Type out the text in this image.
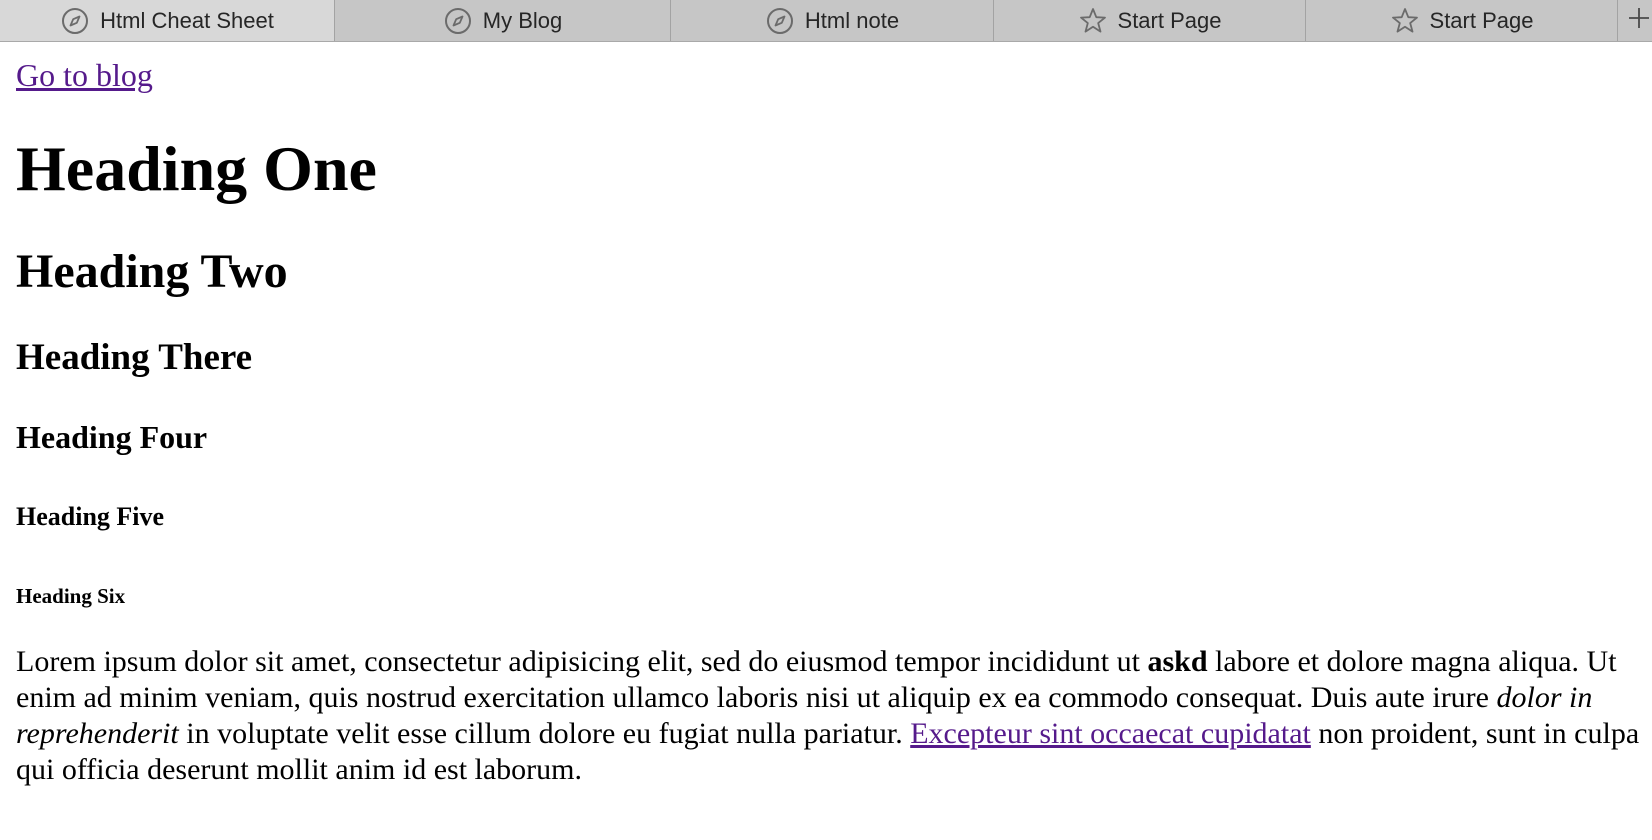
Html Cheat Sheet	My Blog	Html note	Start Page	Start Page
Go to blog
Heading One
Heading Two
Heading There
Heading Four
Heading Five
Heading Six

Lorem ipsum dolor sit amet, consectetur adipisicing elit, sed do eiusmod tempor incididunt ut askd labore et dolore magna aliqua. Ut enim ad minim veniam, quis nostrud exercitation ullamco laboris nisi ut aliquip ex ea commodo consequat. Duis aute irure dolor in reprehenderit in voluptate velit esse cillum dolore eu fugiat nulla pariatur. Excepteur sint occaecat cupidatat non proident, sunt in culpa qui officia deserunt mollit anim id est laborum.
